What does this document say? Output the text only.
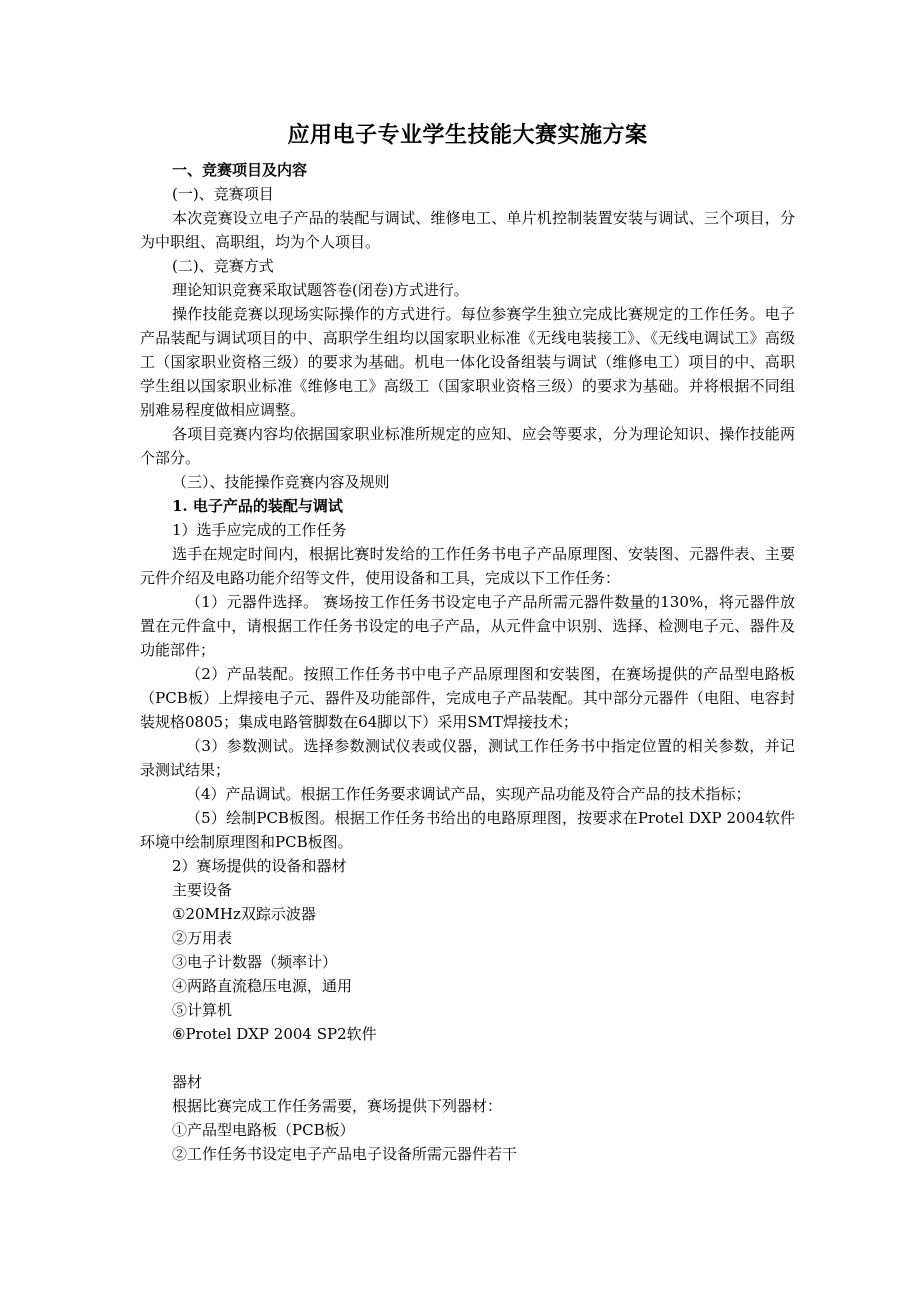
应用电子专业学生技能大赛实施方案

一、竞赛项目及内容

(一)、竞赛项目

本次竞赛设立电子产品的装配与调试、维修电工、单片机控制装置安装与调试、三个项目，分为中职组、高职组，均为个人项目。

(二)、竞赛方式

理论知识竞赛采取试题答卷(闭卷)方式进行。

操作技能竞赛以现场实际操作的方式进行。每位参赛学生独立完成比赛规定的工作任务。电子产品装配与调试项目的中、高职学生组均以国家职业标准《无线电装接工》、《无线电调试工》高级工（国家职业资格三级）的要求为基础。机电一体化设备组装与调试（维修电工）项目的中、高职学生组以国家职业标准《维修电工》高级工（国家职业资格三级）的要求为基础。并将根据不同组别难易程度做相应调整。

各项目竞赛内容均依据国家职业标准所规定的应知、应会等要求，分为理论知识、操作技能两个部分。

（三）、技能操作竞赛内容及规则

1. 电子产品的装配与调试

1）选手应完成的工作任务

选手在规定时间内，根据比赛时发给的工作任务书电子产品原理图、安装图、元器件表、主要元件介绍及电路功能介绍等文件，使用设备和工具，完成以下工作任务：

（1）元器件选择。 赛场按工作任务书设定电子产品所需元器件数量的130%，将元器件放置在元件盒中，请根据工作任务书设定的电子产品，从元件盒中识别、选择、检测电子元、器件及功能部件；

（2）产品装配。按照工作任务书中电子产品原理图和安装图，在赛场提供的产品型电路板（PCB板）上焊接电子元、器件及功能部件，完成电子产品装配。其中部分元器件（电阻、电容封装规格0805；集成电路管脚数在64脚以下）采用SMT焊接技术；

（3）参数测试。选择参数测试仪表或仪器，测试工作任务书中指定位置的相关参数，并记录测试结果；

（4）产品调试。根据工作任务要求调试产品，实现产品功能及符合产品的技术指标；

（5）绘制PCB板图。根据工作任务书给出的电路原理图，按要求在Protel DXP 2004软件环境中绘制原理图和PCB板图。

2）赛场提供的设备和器材

主要设备

①20MHz双踪示波器

②万用表

③电子计数器（频率计）

④两路直流稳压电源，通用

⑤计算机

⑥Protel DXP 2004 SP2软件

器材

根据比赛完成工作任务需要，赛场提供下列器材：

①产品型电路板（PCB板）

②工作任务书设定电子产品电子设备所需元器件若干
